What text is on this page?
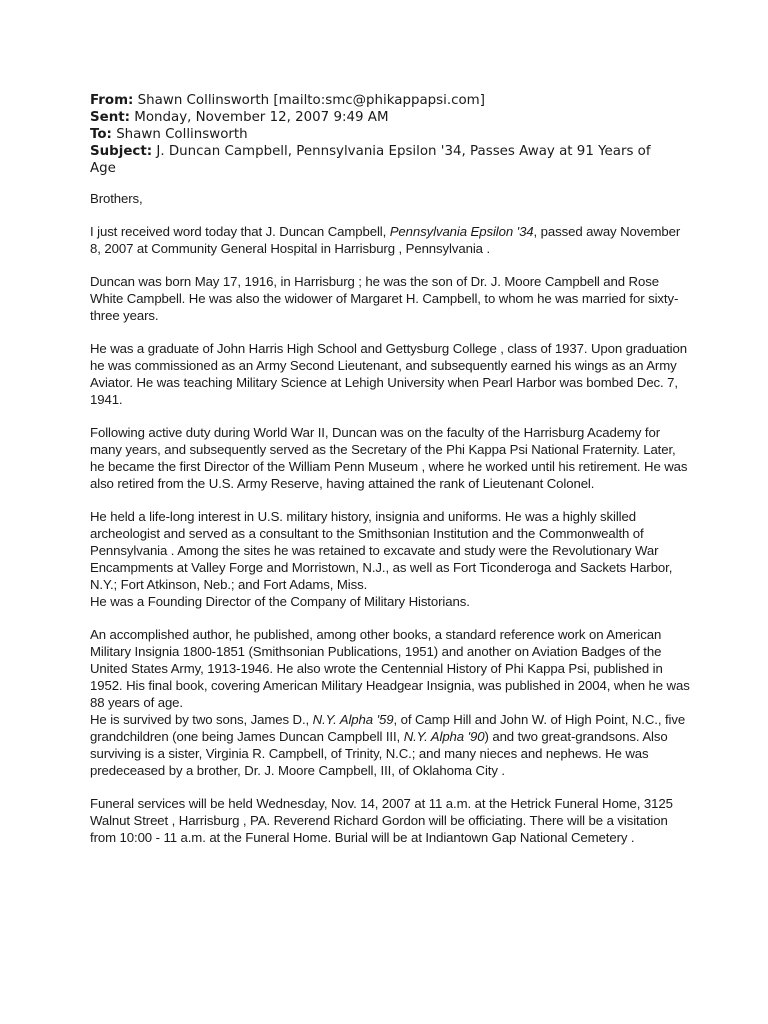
From: Shawn Collinsworth [mailto:smc@phikappapsi.com]

Sent: Monday, November 12, 2007 9:49 AM

To: Shawn Collinsworth

Subject: J. Duncan Campbell, Pennsylvania Epsilon '34, Passes Away at 91 Years of Age

Brothers,

I just received word today that J. Duncan Campbell, Pennsylvania Epsilon '34, passed away November 8, 2007 at Community General Hospital in Harrisburg , Pennsylvania .

Duncan was born May 17, 1916, in Harrisburg ; he was the son of Dr. J. Moore Campbell and Rose White Campbell. He was also the widower of Margaret H. Campbell, to whom he was married for sixty-three years.

He was a graduate of John Harris High School and Gettysburg College , class of 1937. Upon graduation he was commissioned as an Army Second Lieutenant, and subsequently earned his wings as an Army Aviator. He was teaching Military Science at Lehigh University when Pearl Harbor was bombed Dec. 7, 1941.

Following active duty during World War II, Duncan was on the faculty of the Harrisburg Academy for many years, and subsequently served as the Secretary of the Phi Kappa Psi National Fraternity. Later, he became the first Director of the William Penn Museum , where he worked until his retirement. He was also retired from the U.S. Army Reserve, having attained the rank of Lieutenant Colonel.

He held a life-long interest in U.S. military history, insignia and uniforms. He was a highly skilled archeologist and served as a consultant to the Smithsonian Institution and the Commonwealth of Pennsylvania . Among the sites he was retained to excavate and study were the Revolutionary War Encampments at Valley Forge and Morristown, N.J., as well as Fort Ticonderoga and Sackets Harbor, N.Y.; Fort Atkinson, Neb.; and Fort Adams, Miss.

He was a Founding Director of the Company of Military Historians.

An accomplished author, he published, among other books, a standard reference work on American Military Insignia 1800-1851 (Smithsonian Publications, 1951) and another on Aviation Badges of the United States Army, 1913-1946. He also wrote the Centennial History of Phi Kappa Psi, published in 1952. His final book, covering American Military Headgear Insignia, was published in 2004, when he was 88 years of age.

He is survived by two sons, James D., N.Y. Alpha '59, of Camp Hill and John W. of High Point, N.C., five grandchildren (one being James Duncan Campbell III, N.Y. Alpha '90) and two great-grandsons. Also surviving is a sister, Virginia R. Campbell, of Trinity, N.C.; and many nieces and nephews. He was predeceased by a brother, Dr. J. Moore Campbell, III, of Oklahoma City .

Funeral services will be held Wednesday, Nov. 14, 2007 at 11 a.m. at the Hetrick Funeral Home, 3125 Walnut Street , Harrisburg , PA. Reverend Richard Gordon will be officiating. There will be a visitation from 10:00 - 11 a.m. at the Funeral Home. Burial will be at Indiantown Gap National Cemetery .
